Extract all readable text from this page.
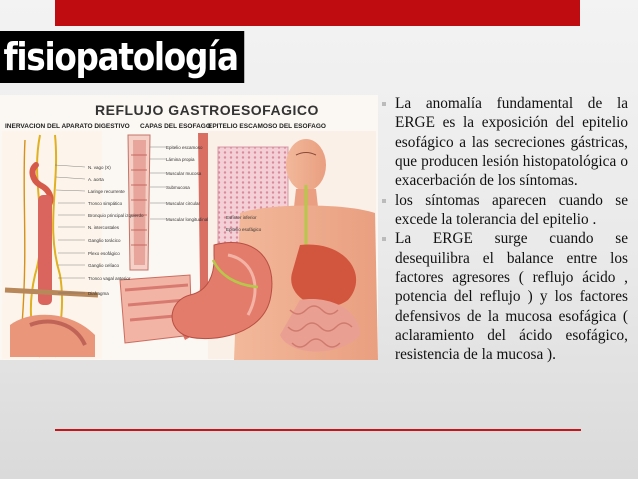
fisiopatología
REFLUJO GASTROESOFAGICO
INERVACION DEL APARATO DIGESTIVO CAPAS DEL ESOFAGO
EPITELIO ESCAMOSO DEL ESOFAGO
N. vago (X)
A. aorta
Laringe recurrente
Tronco simpático
Bronquio principal izquierdo
N. intercostales
Ganglio torácico
Plexo esofágico
Ganglio celíaco
Tronco vagal anterior
Diafragma
Epitelio escamoso
Lámina propia
Muscular mucosa
Submucosa
Muscular circular
Muscular longitudinal	Esfínter inferior
Epitelio esofágico
La anomalía fundamental de la ERGE es la exposición del epitelio esofágico a las secreciones gástricas, que producen lesión histopatológica o exacerbación de los síntomas.
los síntomas aparecen cuando se excede la tolerancia del epitelio .
La ERGE surge cuando se desequilibra el balance entre los factores agresores ( reflujo ácido , potencia del reflujo ) y los factores defensivos de la mucosa esofágica ( aclaramiento del ácido esofágico, resistencia de la mucosa ).
